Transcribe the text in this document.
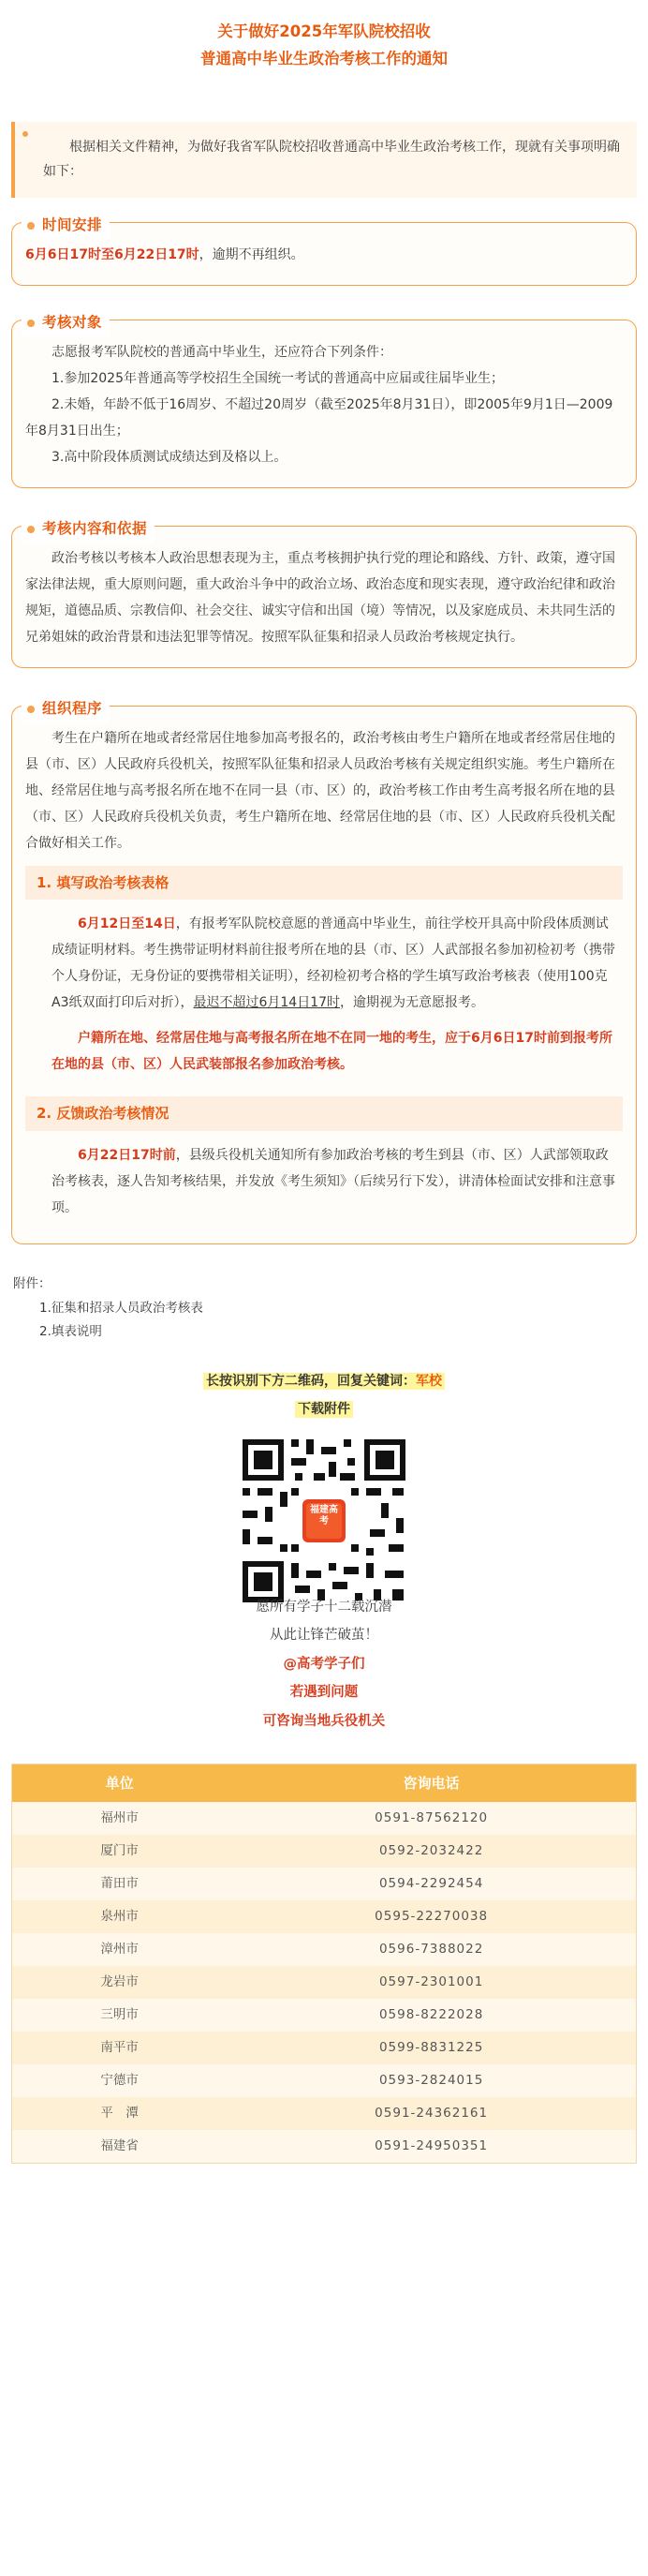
关于做好2025年军队院校招收
普通高中毕业生政治考核工作的通知

根据相关文件精神，为做好我省军队院校招收普通高中毕业生政治考核工作，现就有关事项明确如下：

时间安排

6月6日17时至6月22日17时，逾期不再组织。

考核对象

志愿报考军队院校的普通高中毕业生，还应符合下列条件：

1.参加2025年普通高等学校招生全国统一考试的普通高中应届或往届毕业生；

2.未婚，年龄不低于16周岁、不超过20周岁（截至2025年8月31日），即2005年9月1日—2009年8月31日出生；

3.高中阶段体质测试成绩达到及格以上。

考核内容和依据

政治考核以考核本人政治思想表现为主，重点考核拥护执行党的理论和路线、方针、政策，遵守国家法律法规，重大原则问题，重大政治斗争中的政治立场、政治态度和现实表现，遵守政治纪律和政治规矩，道德品质、宗教信仰、社会交往、诚实守信和出国（境）等情况，以及家庭成员、未共同生活的兄弟姐妹的政治背景和违法犯罪等情况。按照军队征集和招录人员政治考核规定执行。

组织程序

考生在户籍所在地或者经常居住地参加高考报名的，政治考核由考生户籍所在地或者经常居住地的县（市、区）人民政府兵役机关，按照军队征集和招录人员政治考核有关规定组织实施。考生户籍所在地、经常居住地与高考报名所在地不在同一县（市、区）的，政治考核工作由考生高考报名所在地的县（市、区）人民政府兵役机关负责，考生户籍所在地、经常居住地的县（市、区）人民政府兵役机关配合做好相关工作。

1. 填写政治考核表格

6月12日至14日，有报考军队院校意愿的普通高中毕业生，前往学校开具高中阶段体质测试成绩证明材料。考生携带证明材料前往报考所在地的县（市、区）人武部报名参加初检初考（携带个人身份证，无身份证的要携带相关证明），经初检初考合格的学生填写政治考核表（使用100克A3纸双面打印后对折），最迟不超过6月14日17时，逾期视为无意愿报考。

户籍所在地、经常居住地与高考报名所在地不在同一地的考生，应于6月6日17时前到报考所在地的县（市、区）人民武装部报名参加政治考核。

2. 反馈政治考核情况

6月22日17时前，县级兵役机关通知所有参加政治考核的考生到县（市、区）人武部领取政治考核表，逐人告知考核结果，并发放《考生须知》（后续另行下发），讲清体检面试安排和注意事项。

附件：
1.征集和招录人员政治考核表
2.填表说明
长按识别下方二维码，回复关键词：军校
下载附件
福建高考
愿所有学子十二载沉潜
从此让锋芒破茧！
@高考学子们
若遇到问题
可咨询当地兵役机关
单位	咨询电话
福州市	0591-87562120
厦门市	0592-2032422
莆田市	0594-2292454
泉州市	0595-22270038
漳州市	0596-7388022
龙岩市	0597-2301001
三明市	0598-8222028
南平市	0599-8831225
宁德市	0593-2824015
平　潭	0591-24362161
福建省	0591-24950351
